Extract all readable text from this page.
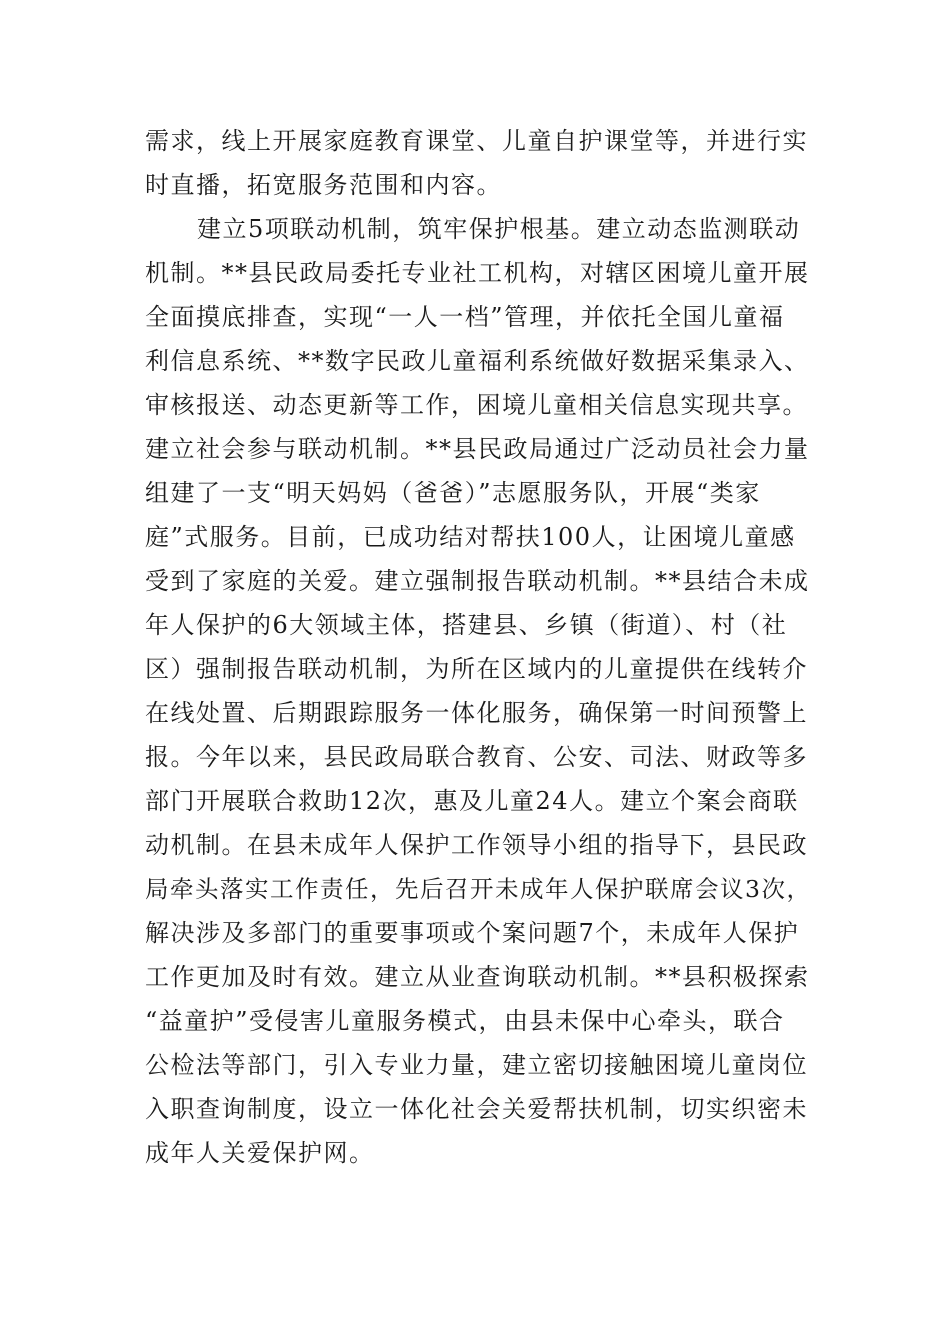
需求，线上开展家庭教育课堂、儿童自护课堂等，并进行实
时直播，拓宽服务范围和内容。
建立5项联动机制，筑牢保护根基。建立动态监测联动
机制。**县民政局委托专业社工机构，对辖区困境儿童开展
全面摸底排查，实现“一人一档”管理，并依托全国儿童福
利信息系统、**数字民政儿童福利系统做好数据采集录入、
审核报送、动态更新等工作，困境儿童相关信息实现共享。
建立社会参与联动机制。**县民政局通过广泛动员社会力量
组建了一支“明天妈妈（爸爸）”志愿服务队，开展“类家
庭”式服务。目前，已成功结对帮扶100人，让困境儿童感
受到了家庭的关爱。建立强制报告联动机制。**县结合未成
年人保护的6大领域主体，搭建县、乡镇（街道）、村（社
区）强制报告联动机制，为所在区域内的儿童提供在线转介
在线处置、后期跟踪服务一体化服务，确保第一时间预警上
报。今年以来，县民政局联合教育、公安、司法、财政等多
部门开展联合救助12次，惠及儿童24人。建立个案会商联
动机制。在县未成年人保护工作领导小组的指导下，县民政
局牵头落实工作责任，先后召开未成年人保护联席会议3次，
解决涉及多部门的重要事项或个案问题7个，未成年人保护
工作更加及时有效。建立从业查询联动机制。**县积极探索
“益童护”受侵害儿童服务模式，由县未保中心牵头，联合
公检法等部门，引入专业力量，建立密切接触困境儿童岗位
入职查询制度，设立一体化社会关爱帮扶机制，切实织密未
成年人关爱保护网。
